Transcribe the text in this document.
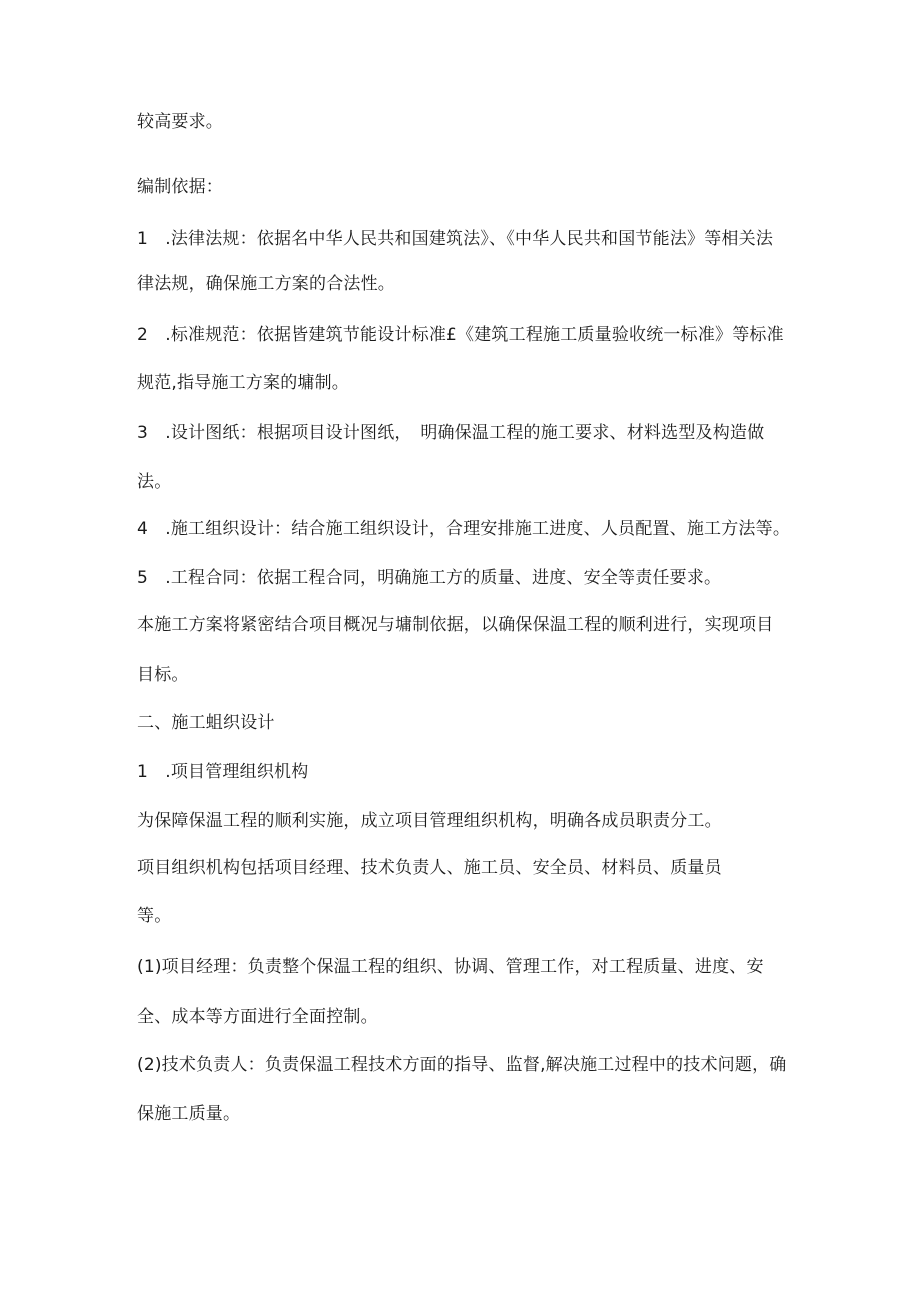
较高要求。
编制依据：
1　.法律法规：依据名中华人民共和国建筑法》、《中华人民共和国节能法》等相关法
律法规，确保施工方案的合法性。
2　.标准规范：依据皆建筑节能设计标准£《建筑工程施工质量验收统一标准》等标准
规范,指导施工方案的墉制。
3　.设计图纸：根据项目设计图纸，　明确保温工程的施工要求、材料选型及构造做
法。
4　.施工组织设计：结合施工组织设计，合理安排施工进度、人员配置、施工方法等。
5　.工程合同：依据工程合同，明确施工方的质量、进度、安全等责任要求。
本施工方案将紧密结合项目概况与墉制依据，以确保保温工程的顺利进行，实现项目
目标。
二、施工蛆织设计
1　.项目管理组织机构
为保障保温工程的顺利实施，成立项目管理组织机构，明确各成员职责分工。
项目组织机构包括项目经理、技术负责人、施工员、安全员、材料员、质量员
等。
(1)项目经理：负责整个保温工程的组织、协调、管理工作，对工程质量、进度、安
全、成本等方面进行全面控制。
(2)技术负责人：负责保温工程技术方面的指导、监督,解决施工过程中的技术问题，确
保施工质量。
